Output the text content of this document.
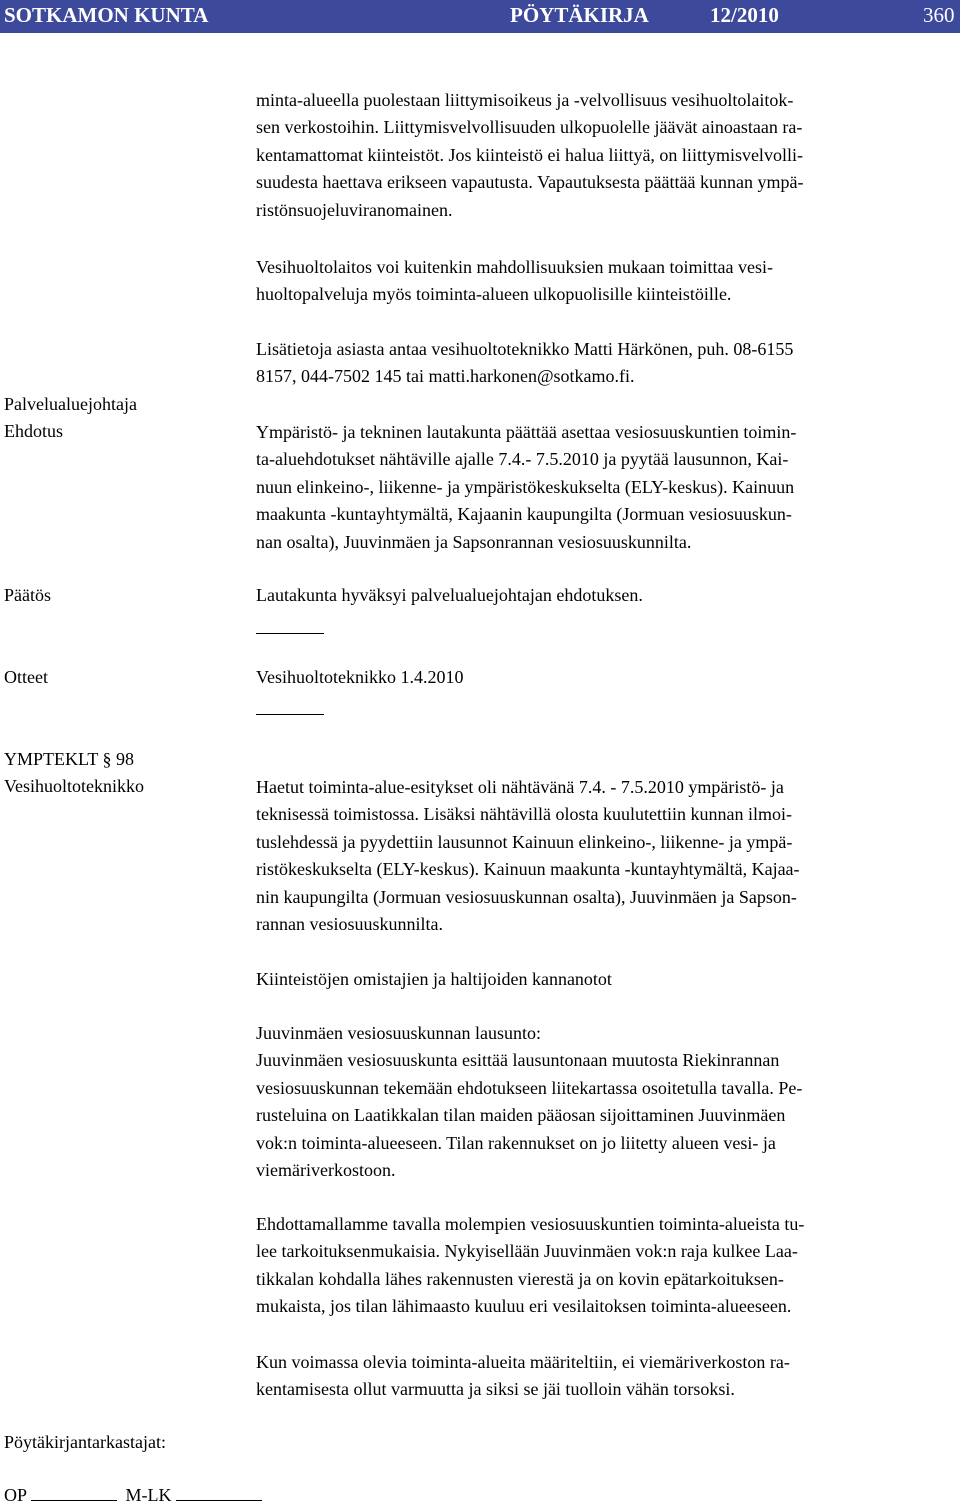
SOTKAMON KUNTA	PÖYTÄKIRJA	12/2010	360
minta-alueella puolestaan liittymisoikeus ja -velvollisuus vesihuoltolaitok-
sen verkostoihin. Liittymisvelvollisuuden ulkopuolelle jäävät ainoastaan ra-
kentamattomat kiinteistöt. Jos kiinteistö ei halua liittyä, on liittymisvelvolli-
suudesta haettava erikseen vapautusta. Vapautuksesta päättää kunnan ympä-
ristönsuojeluviranomainen.
Vesihuoltolaitos voi kuitenkin mahdollisuuksien mukaan toimittaa vesi-
huoltopalveluja myös toiminta-alueen ulkopuolisille kiinteistöille.
Lisätietoja asiasta antaa vesihuoltoteknikko Matti Härkönen, puh. 08-6155
8157, 044-7502 145 tai matti.harkonen@sotkamo.fi.
Palvelualuejohtaja
Ehdotus	Ympäristö- ja tekninen lautakunta päättää asettaa vesiosuuskuntien toimin-
ta-aluehdotukset nähtäville ajalle 7.4.- 7.5.2010 ja pyytää lausunnon, Kai-
nuun elinkeino-, liikenne- ja ympäristökeskukselta (ELY-keskus). Kainuun
maakunta -kuntayhtymältä, Kajaanin kaupungilta (Jormuan vesiosuuskun-
nan osalta), Juuvinmäen ja Sapsonrannan vesiosuuskunnilta.
Päätös	Lautakunta hyväksyi palvelualuejohtajan ehdotuksen.
Otteet	Vesihuoltoteknikko 1.4.2010
YMPTEKLT § 98
Vesihuoltoteknikko	Haetut toiminta-alue-esitykset oli nähtävänä 7.4. - 7.5.2010 ympäristö- ja
teknisessä toimistossa. Lisäksi nähtävillä olosta kuulutettiin kunnan ilmoi-
tuslehdessä ja pyydettiin lausunnot Kainuun elinkeino-, liikenne- ja ympä-
ristökeskukselta (ELY-keskus). Kainuun maakunta -kuntayhtymältä, Kajaa-
nin kaupungilta (Jormuan vesiosuuskunnan osalta), Juuvinmäen ja Sapson-
rannan vesiosuuskunnilta.
Kiinteistöjen omistajien ja haltijoiden kannanotot
Juuvinmäen vesiosuuskunnan lausunto:
Juuvinmäen vesiosuuskunta esittää lausuntonaan muutosta Riekinrannan
vesiosuuskunnan tekemään ehdotukseen liitekartassa osoitetulla tavalla. Pe-
rusteluina on Laatikkalan tilan maiden pääosan sijoittaminen Juuvinmäen
vok:n toiminta-alueeseen. Tilan rakennukset on jo liitetty alueen vesi- ja
viemäriverkostoon.
Ehdottamallamme tavalla molempien vesiosuuskuntien toiminta-alueista tu-
lee tarkoituksenmukaisia. Nykyisellään Juuvinmäen vok:n raja kulkee Laa-
tikkalan kohdalla lähes rakennusten vierestä ja on kovin epätarkoituksen-
mukaista, jos tilan lähimaasto kuuluu eri vesilaitoksen toiminta-alueeseen.
Kun voimassa olevia toiminta-alueita määriteltiin, ei viemäriverkoston ra-
kentamisesta ollut varmuutta ja siksi se jäi tuolloin vähän torsoksi.
Pöytäkirjantarkastajat:
OP	M-LK
